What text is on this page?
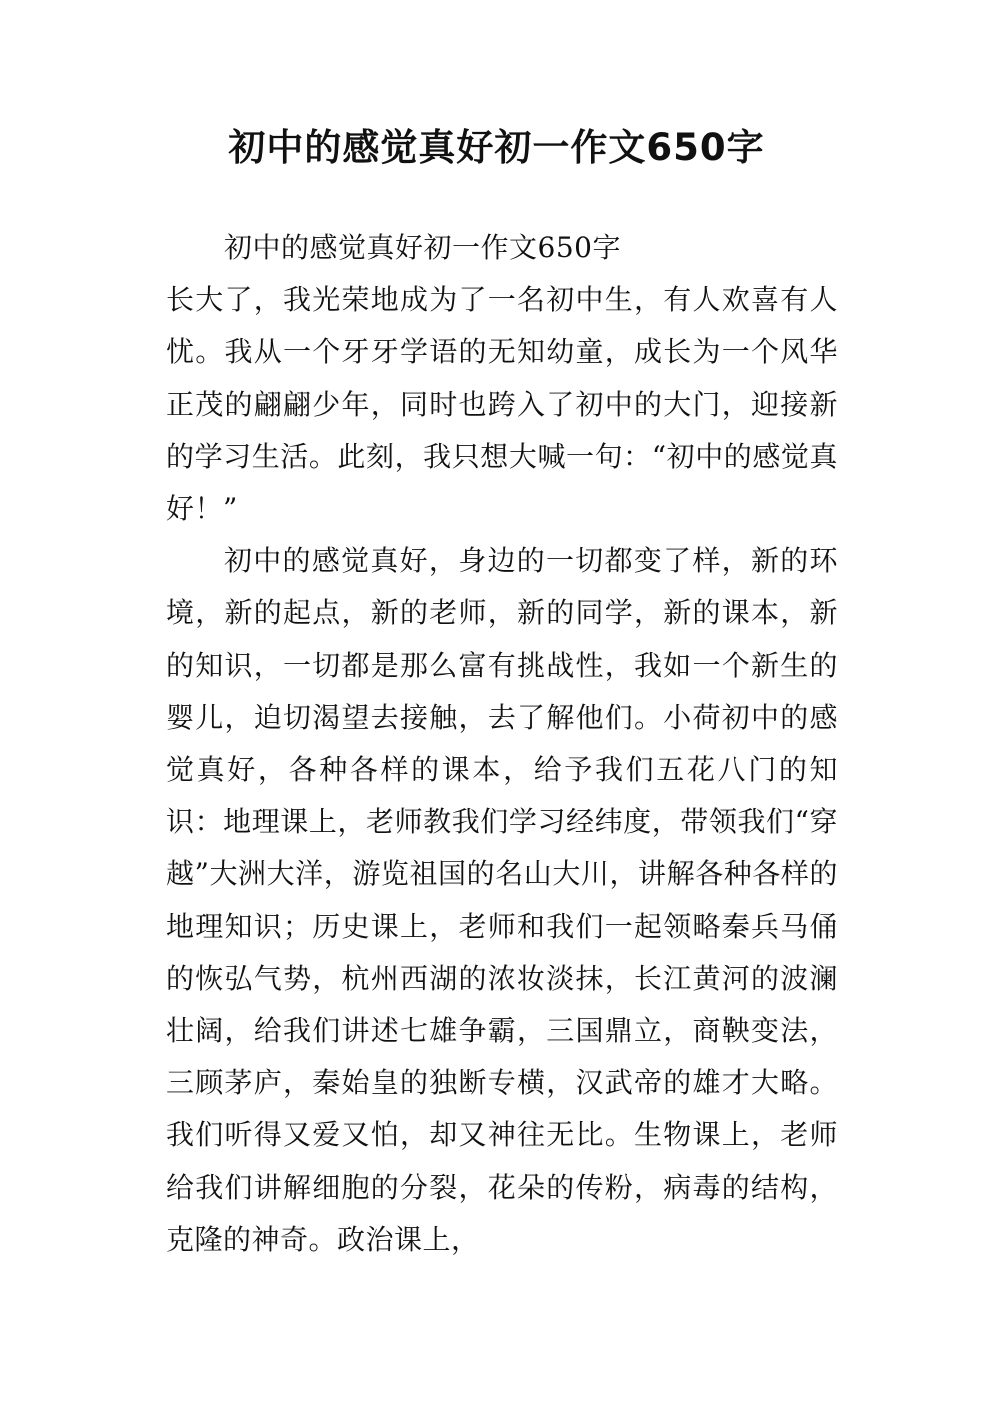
初中的感觉真好初一作文650字

初中的感觉真好初一作文650字

长大了，我光荣地成为了一名初中生，有人欢喜有人忧。我从一个牙牙学语的无知幼童，成长为一个风华正茂的翩翩少年，同时也跨入了初中的大门，迎接新的学习生活。此刻，我只想大喊一句：“初中的感觉真好！”

初中的感觉真好，身边的一切都变了样，新的环境，新的起点，新的老师，新的同学，新的课本，新的知识，一切都是那么富有挑战性，我如一个新生的婴儿，迫切渴望去接触，去了解他们。小荷初中的感觉真好，各种各样的课本，给予我们五花八门的知识：地理课上，老师教我们学习经纬度，带领我们“穿越”大洲大洋，游览祖国的名山大川，讲解各种各样的地理知识；历史课上，老师和我们一起领略秦兵马俑的恢弘气势，杭州西湖的浓妆淡抹，长江黄河的波澜壮阔，给我们讲述七雄争霸，三国鼎立，商鞅变法，三顾茅庐，秦始皇的独断专横，汉武帝的雄才大略。我们听得又爱又怕，却又神往无比。生物课上，老师给我们讲解细胞的分裂，花朵的传粉，病毒的结构，克隆的神奇。政治课上，
